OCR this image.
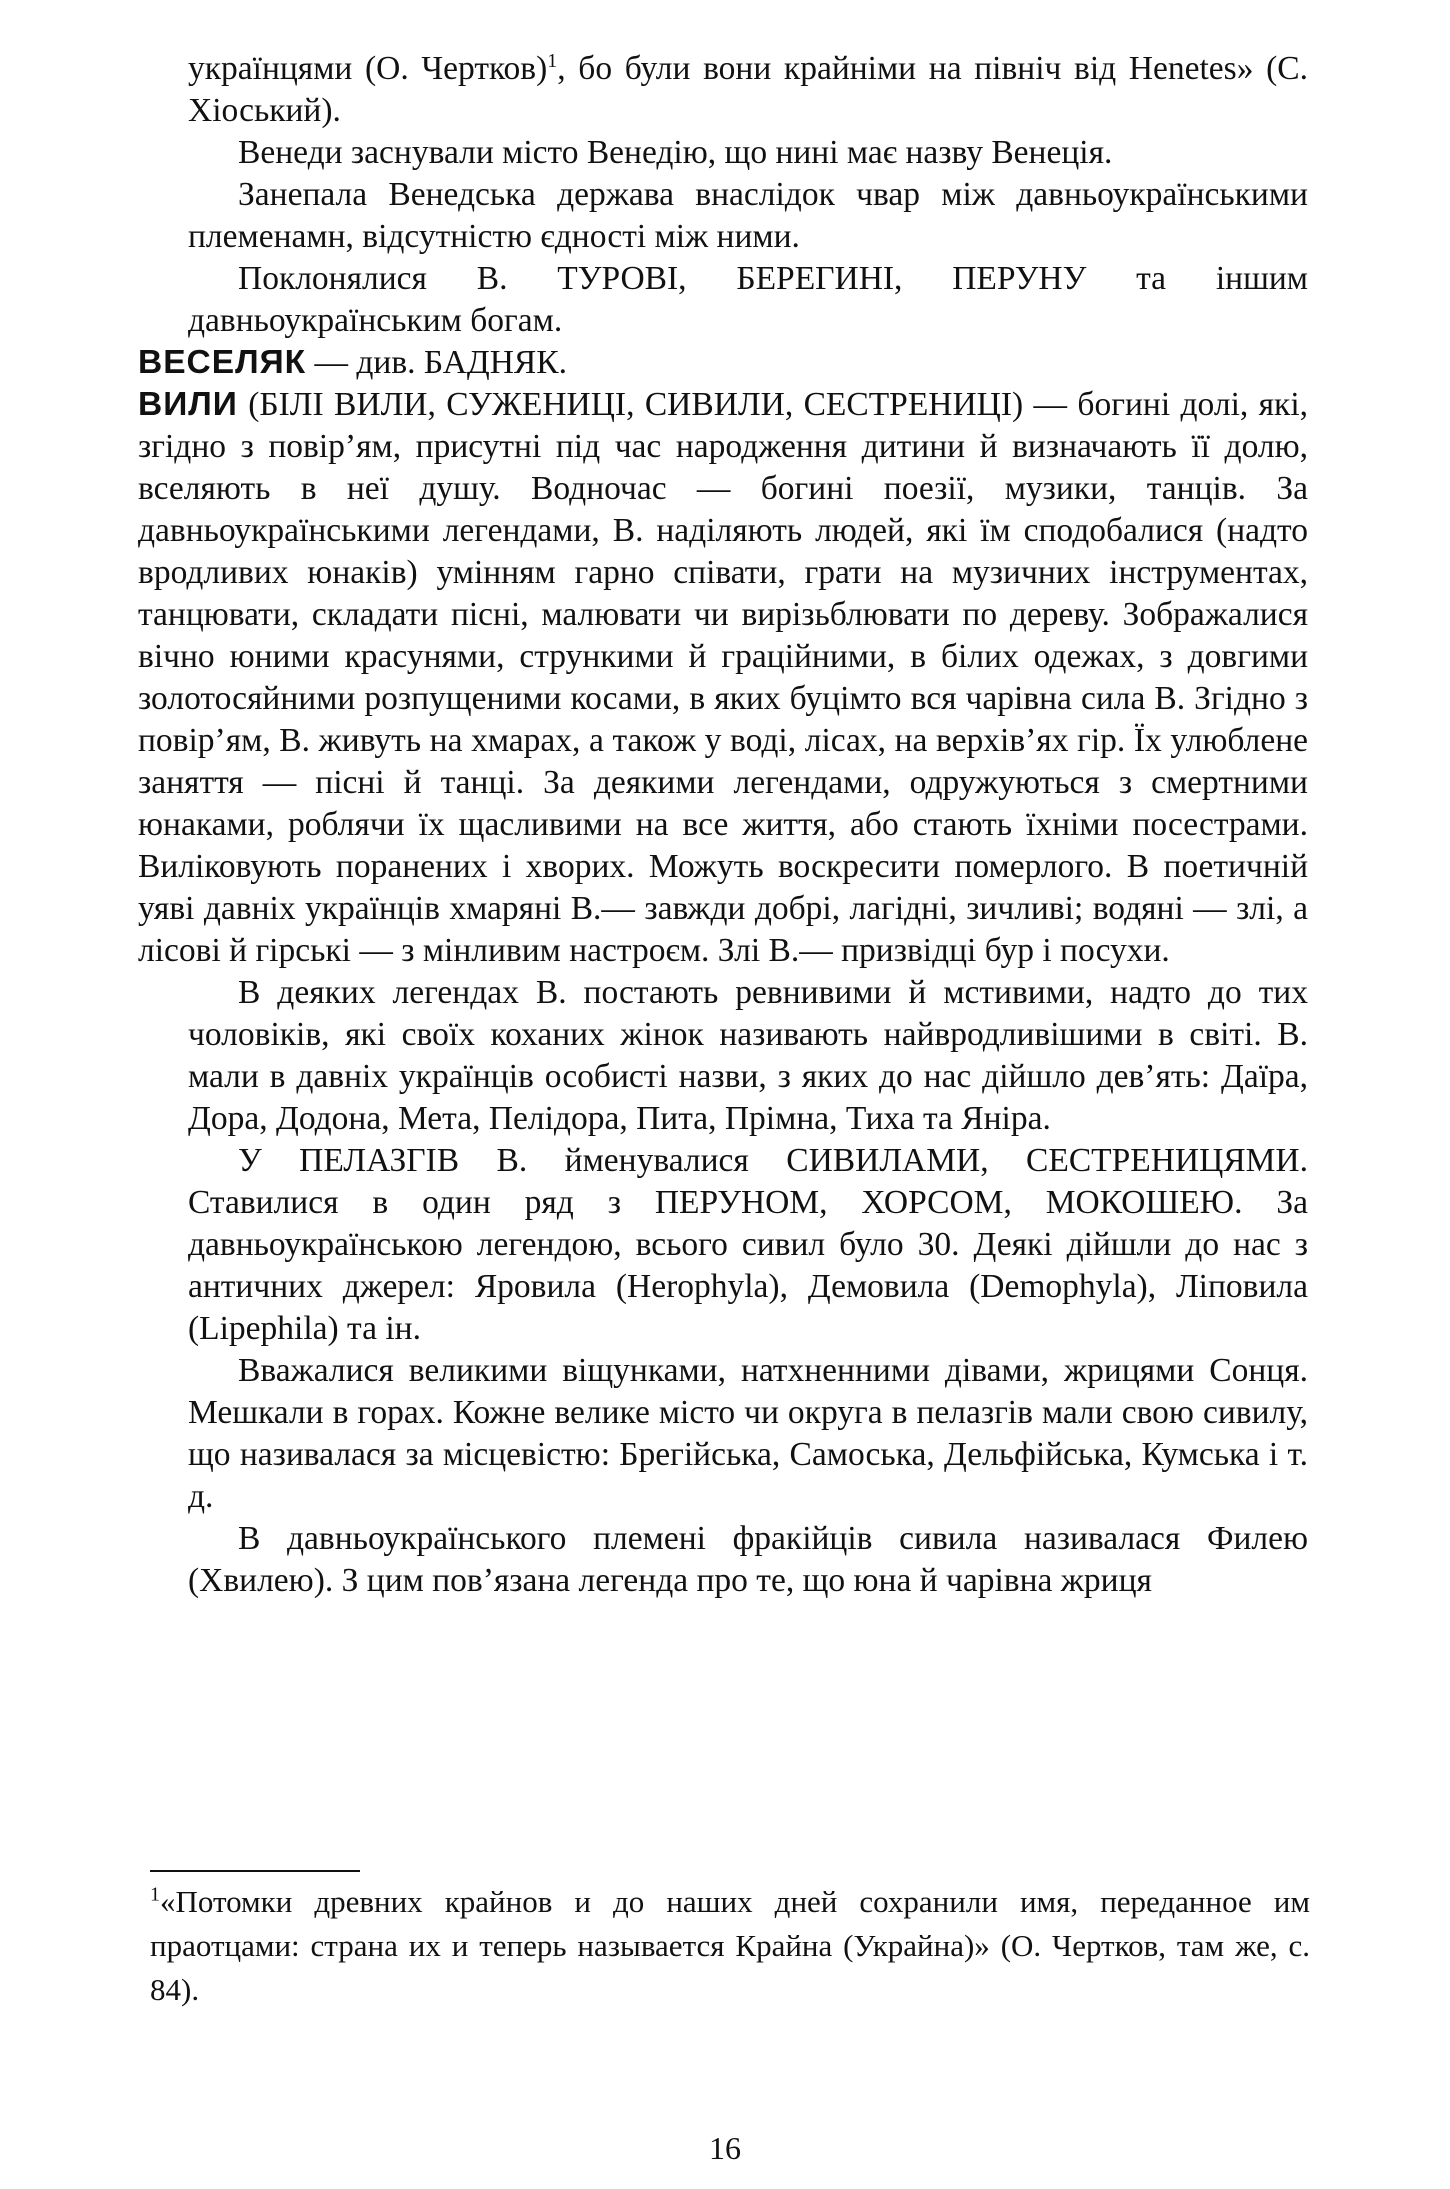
українцями (О. Чертков)$^1$, бо були вони крайніми на північ від Henetes» (С. Хіоський).

Венеди заснували місто Венедію, що нині має назву Венеція.

Занепала Венедська держава внаслідок чвар між давньоукраїнськими племенамн, відсутністю єдності між ними.

Поклонялися В. ТУРОВІ, БЕРЕГИНІ, ПЕРУНУ та іншим давньоукраїнським богам.

ВЕСЕЛЯК — див. БАДНЯК.

ВИЛИ (БІЛІ ВИЛИ, СУЖЕНИЦІ, СИВИЛИ, СЕСТРЕНИЦІ) — богині долі, які, згідно з повір’ям, присутні під час народження дитини й визначають її долю, вселяють в неї душу. Водночас — богині поезії, музики, танців. За давньоукраїнськими легендами, В. наділяють людей, які їм сподобалися (надто вродливих юнаків) умінням гарно співати, грати на музичних інструментах, танцювати, складати пісні, малювати чи вирізьблювати по дереву. Зображалися вічно юними красунями, стрункими й граційними, в білих одежах, з довгими золотосяйними розпущеними косами, в яких буцімто вся чарівна сила В. Згідно з повір’ям, В. живуть на хмарах, а також у воді, лісах, на верхів’ях гір. Їх улюблене заняття — пісні й танці. За деякими легендами, одружуються з смертними юнаками, роблячи їх щасливими на все життя, або стають їхніми посестрами. Виліковують поранених і хворих. Можуть воскресити померлого. В поетичній уяві давніх українців хмаряні В.— завжди добрі, лагідні, зичливі; водяні — злі, а лісові й гірські — з мінливим настроєм. Злі В.— призвідці бур і посухи.

В деяких легендах В. постають ревнивими й мстивими, надто до тих чоловіків, які своїх коханих жінок називають найвродливішими в світі. В. мали в давніх українців особисті назви, з яких до нас дійшло дев’ять: Даїра, Дора, Додона, Мета, Пелідора, Пита, Прімна, Тиха та Яніра.

У ПЕЛАЗГІВ В. йменувалися СИВИЛАМИ, СЕСТРЕНИЦЯМИ. Ставилися в один ряд з ПЕРУНОМ, ХОРСОМ, МОКОШЕЮ. За давньоукраїнською легендою, всього сивил було 30. Деякі дійшли до нас з античних джерел: Яровила (Herophyla), Демовила (Demophyla), Ліповила (Lipephila) та ін.

Вважалися великими віщунками, натхненними дівами, жрицями Сонця. Мешкали в горах. Кожне велике місто чи округа в пелазгів мали свою сивилу, що називалася за місцевістю: Брегійська, Самоська, Дельфійська, Кумська і т. д.

В давньоукраїнського племені фракійців сивила називалася Филею (Хвилею). З цим пов’язана легенда про те, що юна й чарівна жриця

$^1$«Потомки древних крайнов и до наших дней сохранили имя, переданное им праотцами: страна их и теперь называется Крайна (Украйна)» (О. Чертков, там же, с. 84).

16
